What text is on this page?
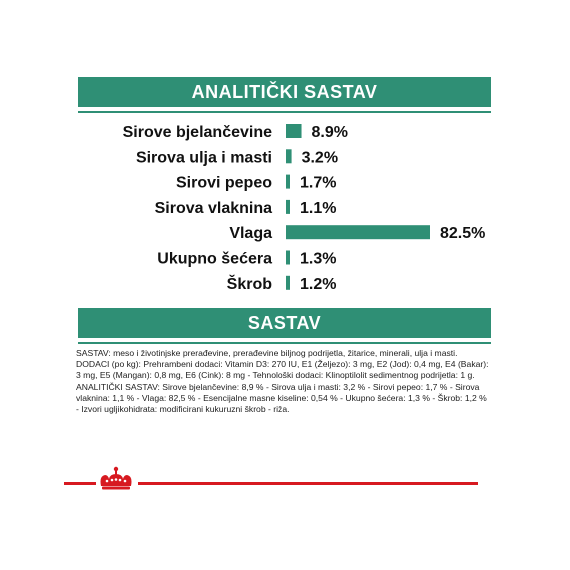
ANALITIČKI SASTAV
Sirove bjelančevine 8.9%
Sirova ulja i masti 3.2%
Sirovi pepeo 1.7%
Sirova vlaknina 1.1%
Vlaga	82.5%
Ukupno šećera 1.3%
Škrob 1.2%
SASTAV
SASTAV: meso i životinjske prerađevine, prerađevine biljnog podrijetla, žitarice, minerali, ulja i masti.
DODACI (po kg): Prehrambeni dodaci: Vitamin D3: 270 IU, E1 (Željezo): 3 mg, E2 (Jod): 0,4 mg, E4 (Bakar):
3 mg, E5 (Mangan): 0,8 mg, E6 (Cink): 8 mg - Tehnološki dodaci: Klinoptilolit sedimentnog podrijetla: 1 g.
ANALITIČKI SASTAV: Sirove bjelančevine: 8,9 % - Sirova ulja i masti: 3,2 % - Sirovi pepeo: 1,7 % - Sirova
vlaknina: 1,1 % - Vlaga: 82,5 % - Esencijalne masne kiseline: 0,54 % - Ukupno šećera: 1,3 % - Škrob: 1,2 %
- Izvori ugljikohidrata: modificirani kukuruzni škrob - riža.
